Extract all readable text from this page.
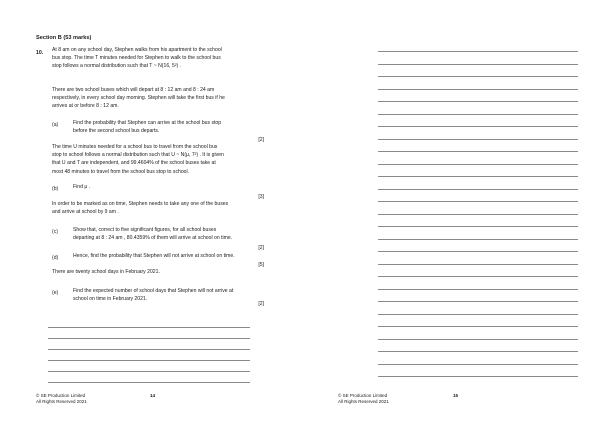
Section B (53 marks)
10. At 8 am on any school day, Stephen walks from his apartment to the school
bus stop. The time T minutes needed for Stephen to walk to the school bus
stop follows a normal distribution such that T ~ N(16, 5²) .
There are two school buses which will depart at 8 : 12 am and 8 : 24 am
respectively, in every school day morning. Stephen will take the first bus if he
arrives at or before 8 : 12 am.
(a)	Find the probability that Stephen can arrive at the school bus stop
before the second school bus departs.
[2]
The time U minutes needed for a school bus to travel from the school bus
stop to school follows a normal distribution such that U ~ N(μ, 7²) . It is given
that U and T are independent, and 99.4604% of the school buses take at
most 48 minutes to travel from the school bus stop to school.
(b)	Find μ .
[3]
In order to be marked as on time, Stephen needs to take any one of the buses
and arrive at school by 9 am .
(c)	Show that, correct to five significant figures, for all school buses
departing at 8 : 24 am , 80.4359% of them will arrive at school on time.
[2]
(d)	Hence, find the probability that Stephen will not arrive at school on time.
[5]
There are twenty school days in February 2021.
(e)	Find the expected number of school days that Stephen will not arrive at
school on time in February 2021.
[2]
© SE Production Limited
All Rights Reserved 2021
14	© SE Production Limited
All Rights Reserved 2021
15
